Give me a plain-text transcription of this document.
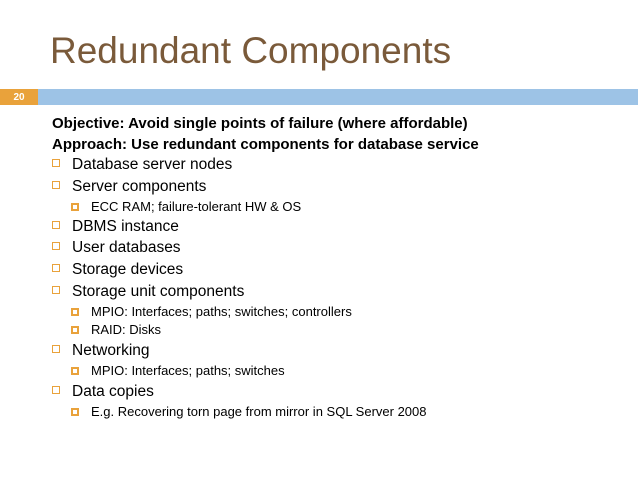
Redundant Components
20
Objective: Avoid single points of failure (where affordable)
Approach: Use redundant components for database service
Database server nodes
Server components
ECC RAM; failure-tolerant HW & OS
DBMS instance
User databases
Storage devices
Storage unit components
MPIO: Interfaces; paths; switches; controllers
RAID: Disks
Networking
MPIO: Interfaces; paths; switches
Data copies
E.g. Recovering torn page from mirror in SQL Server 2008
